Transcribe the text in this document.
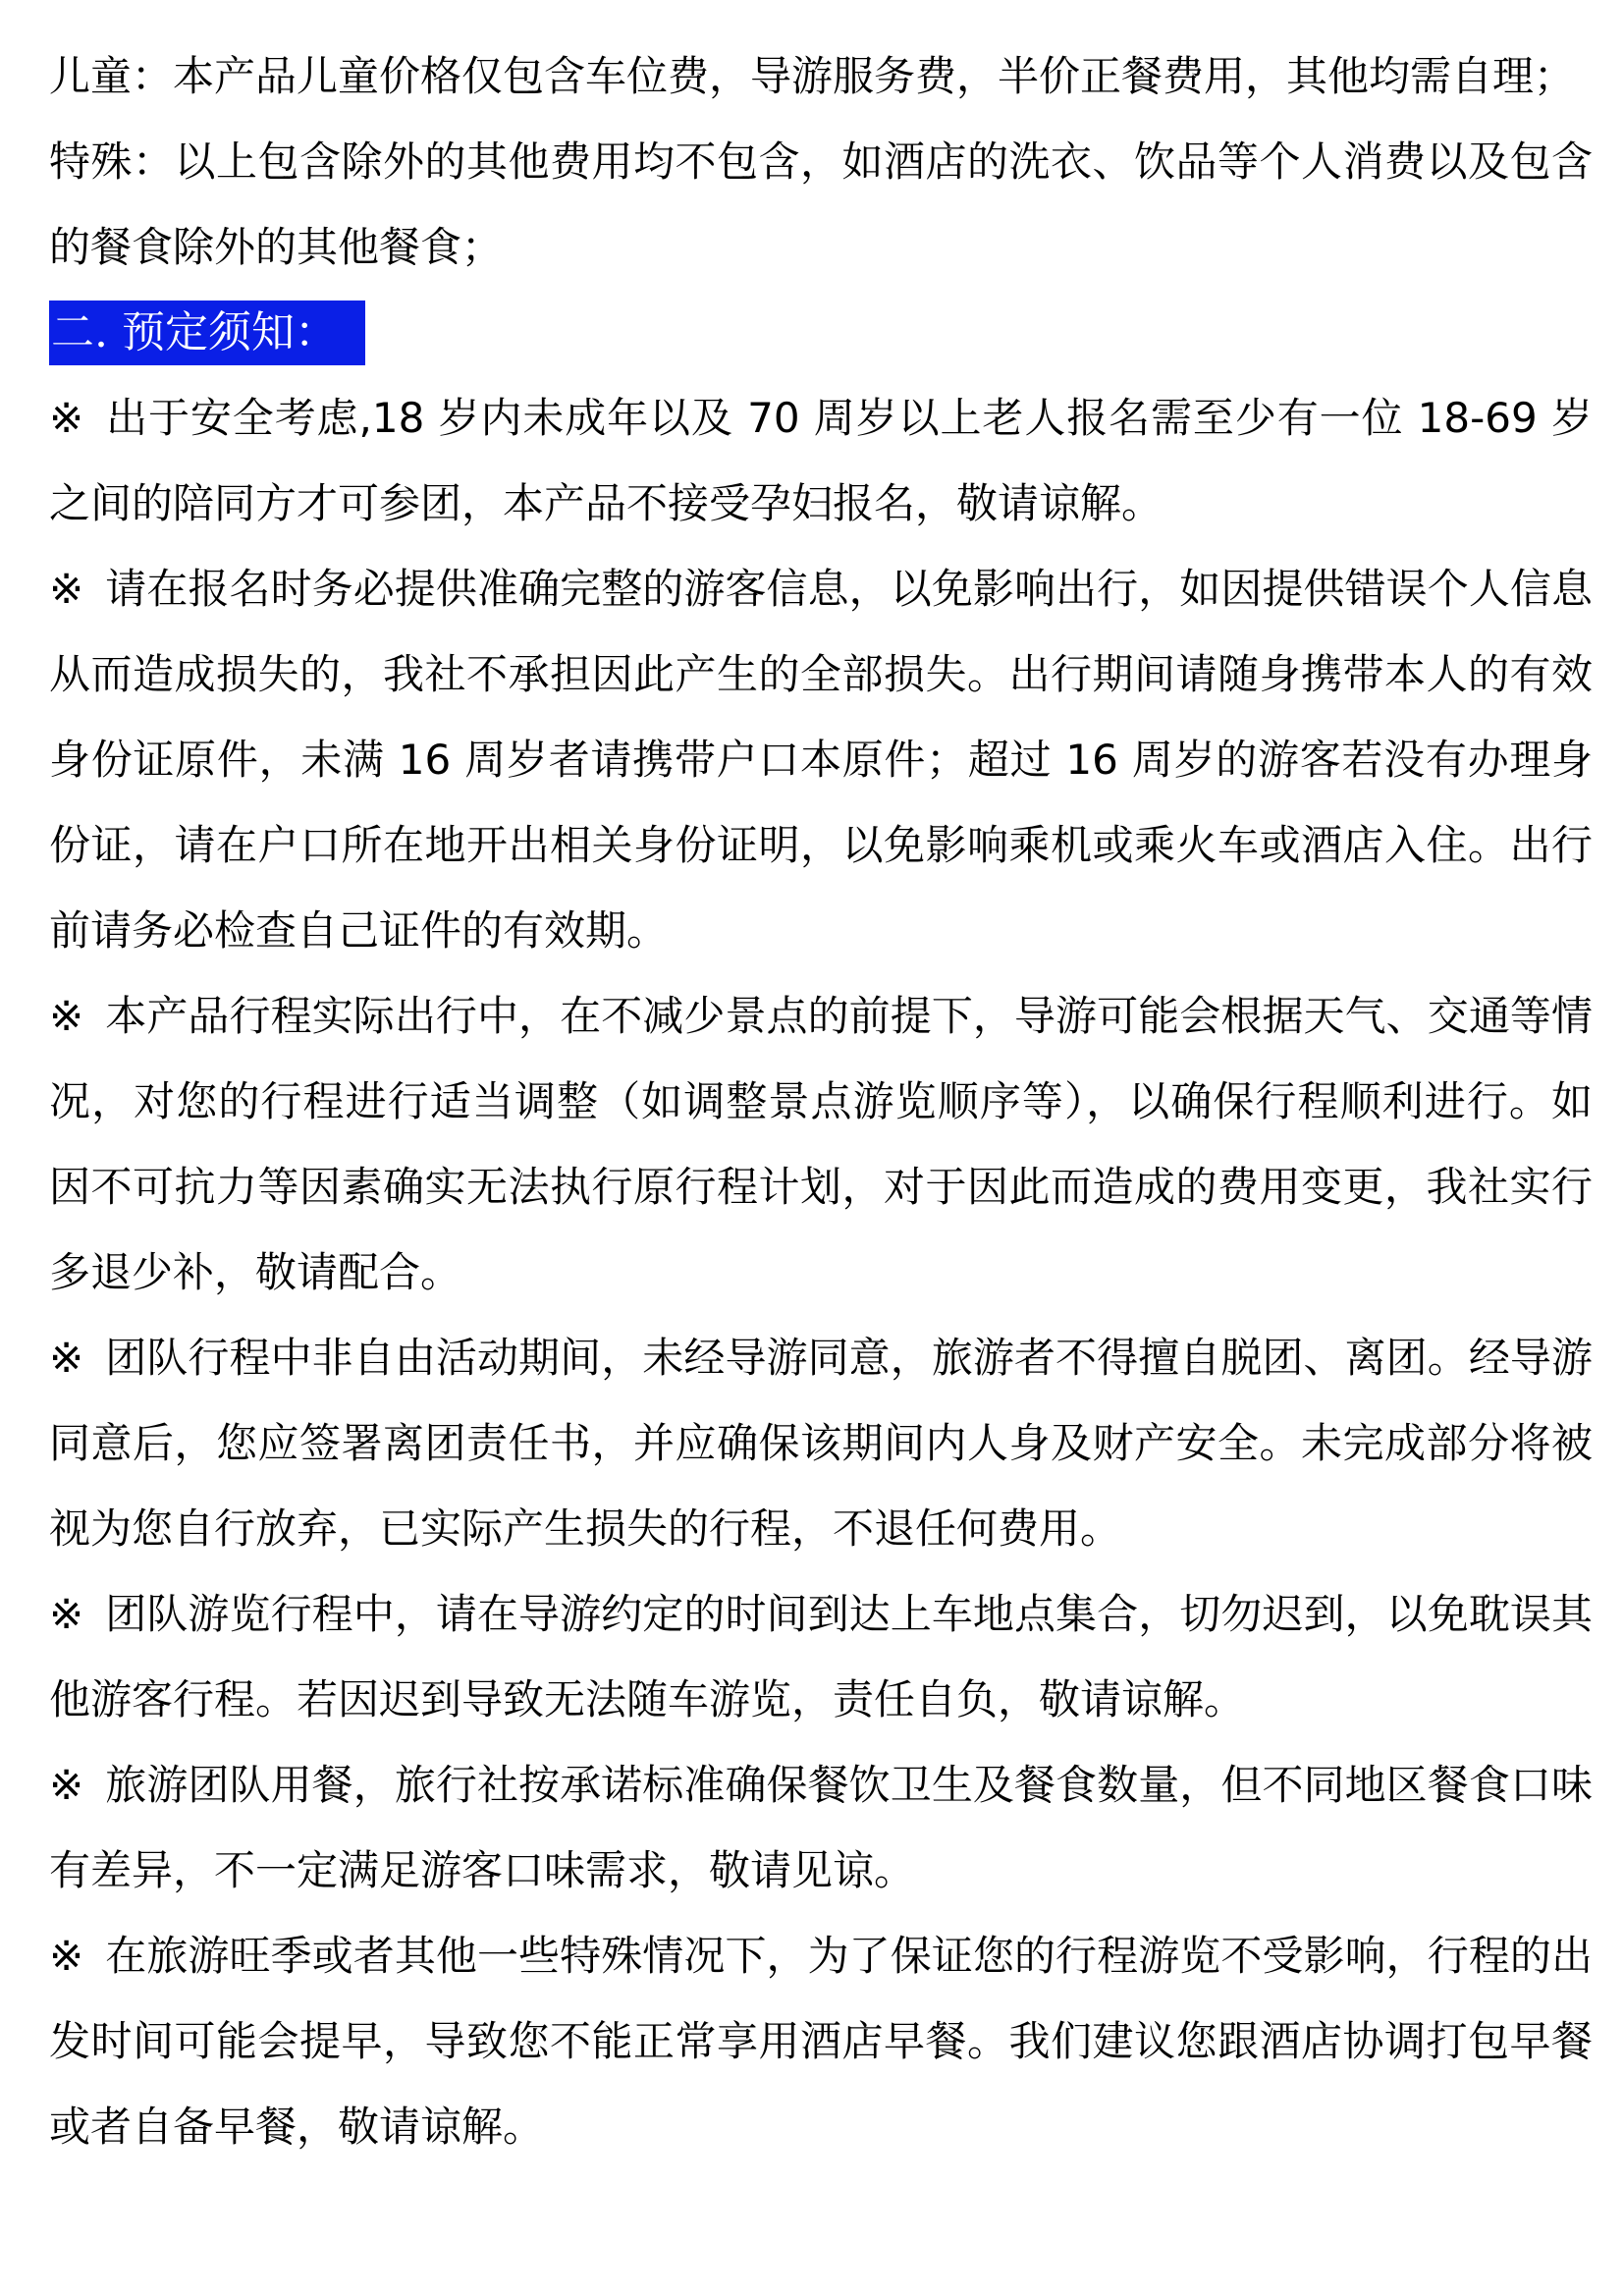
儿童：本产品儿童价格仅包含车位费，导游服务费，半价正餐费用，其他均需自理；

特殊：以上包含除外的其他费用均不包含，如酒店的洗衣、饮品等个人消费以及包含的餐食除外的其他餐食；

二. 预定须知：

※ 出于安全考虑,18 岁内未成年以及 70 周岁以上老人报名需至少有一位 18-69 岁之间的陪同方才可参团，本产品不接受孕妇报名，敬请谅解。

※ 请在报名时务必提供准确完整的游客信息，以免影响出行，如因提供错误个人信息从而造成损失的，我社不承担因此产生的全部损失。出行期间请随身携带本人的有效身份证原件，未满 16 周岁者请携带户口本原件；超过 16 周岁的游客若没有办理身份证，请在户口所在地开出相关身份证明，以免影响乘机或乘火车或酒店入住。出行前请务必检查自己证件的有效期。

※ 本产品行程实际出行中，在不减少景点的前提下，导游可能会根据天气、交通等情况，对您的行程进行适当调整（如调整景点游览顺序等），以确保行程顺利进行。如因不可抗力等因素确实无法执行原行程计划，对于因此而造成的费用变更，我社实行多退少补，敬请配合。

※ 团队行程中非自由活动期间，未经导游同意，旅游者不得擅自脱团、离团。经导游同意后，您应签署离团责任书，并应确保该期间内人身及财产安全。未完成部分将被视为您自行放弃，已实际产生损失的行程，不退任何费用。

※ 团队游览行程中，请在导游约定的时间到达上车地点集合，切勿迟到，以免耽误其他游客行程。若因迟到导致无法随车游览，责任自负，敬请谅解。

※ 旅游团队用餐，旅行社按承诺标准确保餐饮卫生及餐食数量，但不同地区餐食口味有差异，不一定满足游客口味需求，敬请见谅。

※ 在旅游旺季或者其他一些特殊情况下，为了保证您的行程游览不受影响，行程的出发时间可能会提早，导致您不能正常享用酒店早餐。我们建议您跟酒店协调打包早餐或者自备早餐，敬请谅解。
